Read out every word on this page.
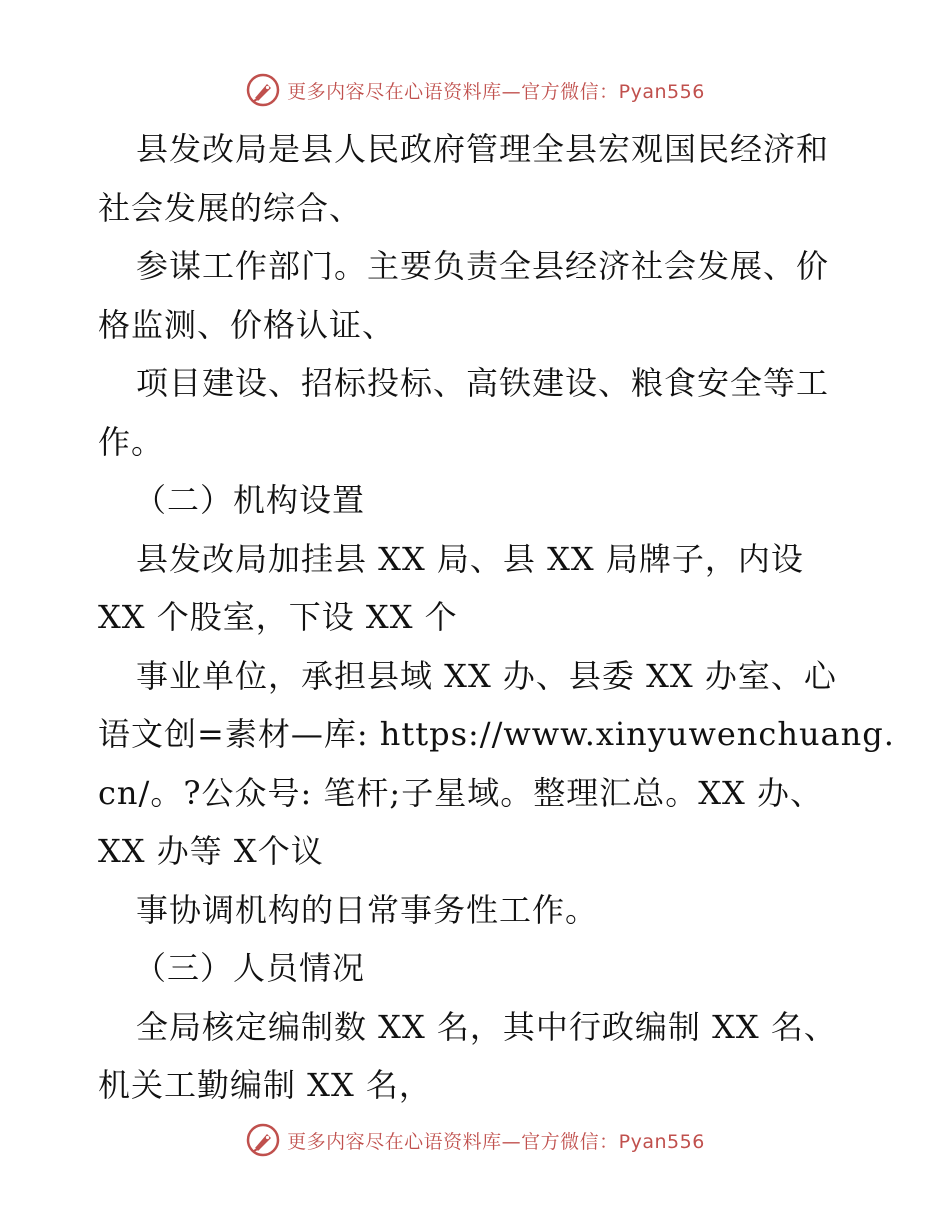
更多内容尽在心语资料库—官方微信：Pyan556
县发改局是县人民政府管理全县宏观国民经济和
社会发展的综合、
参谋工作部门。主要负责全县经济社会发展、价
格监测、价格认证、
项目建设、招标投标、高铁建设、粮食安全等工
作。
（二）机构设置
县发改局加挂县 XX 局、县 XX 局牌子，内设
XX 个股室，下设 XX 个
事业单位，承担县域 XX 办、县委 XX 办室、心
语文创=素材—库: https://www.xinyuwenchuang.
cn/。?公众号: 笔杆;子星域。整理汇总。XX 办、
XX 办等 X个议
事协调机构的日常事务性工作。
（三）人员情况
全局核定编制数 XX 名，其中行政编制 XX 名、
机关工勤编制 XX 名，
更多内容尽在心语资料库—官方微信：Pyan556
